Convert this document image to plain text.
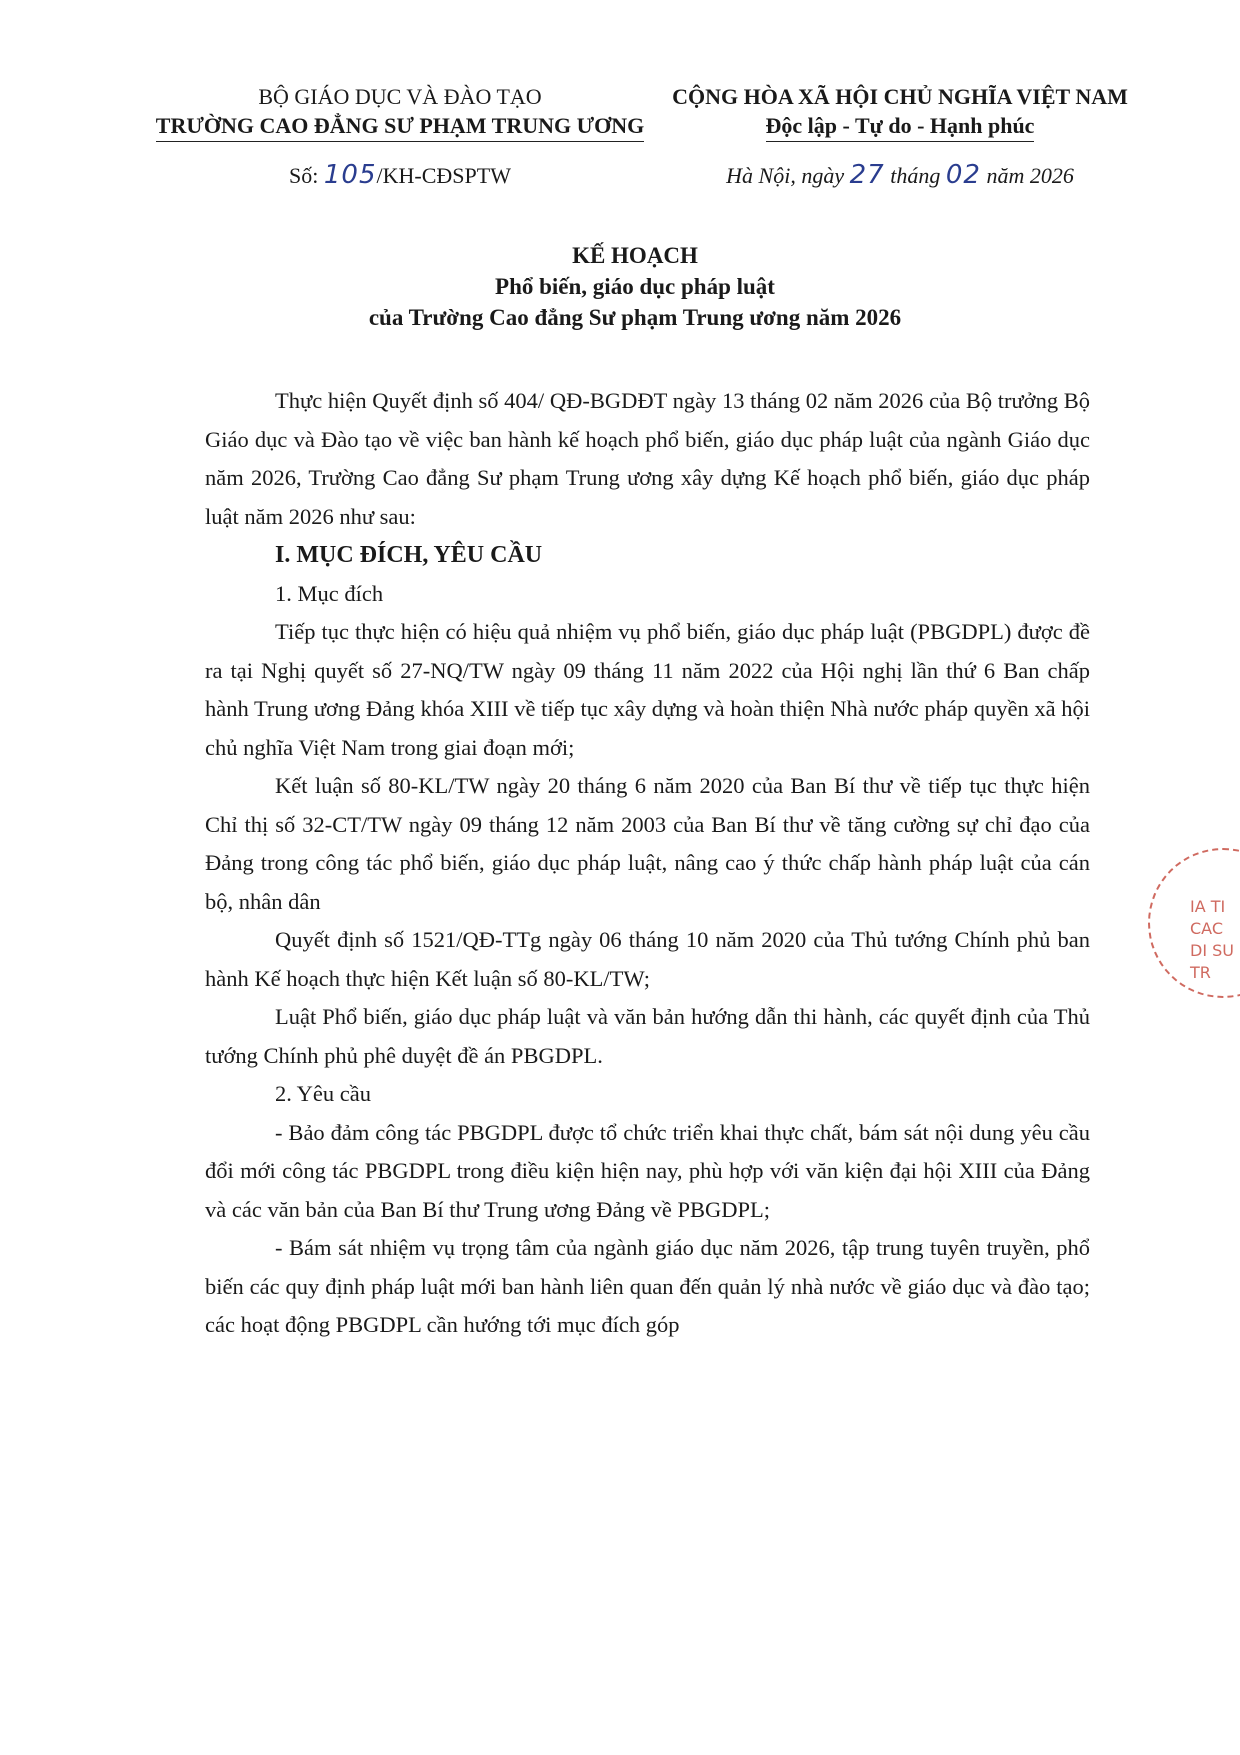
BỘ GIÁO DỤC VÀ ĐÀO TẠO
TRƯỜNG CAO ĐẲNG SƯ PHẠM TRUNG ƯƠNG
CỘNG HÒA XÃ HỘI CHỦ NGHĨA VIỆT NAM
Độc lập - Tự do - Hạnh phúc
Số: 105/KH-CĐSPTW	Hà Nội, ngày 27 tháng 02 năm 2026
KẾ HOẠCH
Phổ biến, giáo dục pháp luật
của Trường Cao đẳng Sư phạm Trung ương năm 2026

Thực hiện Quyết định số 404/ QĐ-BGDĐT ngày 13 tháng 02 năm 2026 của Bộ trưởng Bộ Giáo dục và Đào tạo về việc ban hành kế hoạch phổ biến, giáo dục pháp luật của ngành Giáo dục năm 2026, Trường Cao đẳng Sư phạm Trung ương xây dựng Kế hoạch phổ biến, giáo dục pháp luật năm 2026 như sau:

I. MỤC ĐÍCH, YÊU CẦU

1. Mục đích

Tiếp tục thực hiện có hiệu quả nhiệm vụ phổ biến, giáo dục pháp luật (PBGDPL) được đề ra tại Nghị quyết số 27-NQ/TW ngày 09 tháng 11 năm 2022 của Hội nghị lần thứ 6 Ban chấp hành Trung ương Đảng khóa XIII về tiếp tục xây dựng và hoàn thiện Nhà nước pháp quyền xã hội chủ nghĩa Việt Nam trong giai đoạn mới;

Kết luận số 80-KL/TW ngày 20 tháng 6 năm 2020 của Ban Bí thư về tiếp tục thực hiện Chỉ thị số 32-CT/TW ngày 09 tháng 12 năm 2003 của Ban Bí thư về tăng cường sự chỉ đạo của Đảng trong công tác phổ biến, giáo dục pháp luật, nâng cao ý thức chấp hành pháp luật của cán bộ, nhân dân

Quyết định số 1521/QĐ-TTg ngày 06 tháng 10 năm 2020 của Thủ tướng Chính phủ ban hành Kế hoạch thực hiện Kết luận số 80-KL/TW;

Luật Phổ biến, giáo dục pháp luật và văn bản hướng dẫn thi hành, các quyết định của Thủ tướng Chính phủ phê duyệt đề án PBGDPL.

2. Yêu cầu

- Bảo đảm công tác PBGDPL được tổ chức triển khai thực chất, bám sát nội dung yêu cầu đổi mới công tác PBGDPL trong điều kiện hiện nay, phù hợp với văn kiện đại hội XIII của Đảng và các văn bản của Ban Bí thư Trung ương Đảng về PBGDPL;

- Bám sát nhiệm vụ trọng tâm của ngành giáo dục năm 2026, tập trung tuyên truyền, phổ biến các quy định pháp luật mới ban hành liên quan đến quản lý nhà nước về giáo dục và đào tạo; các hoạt động PBGDPL cần hướng tới mục đích góp

IA TI
CAC
DI SU
TR
